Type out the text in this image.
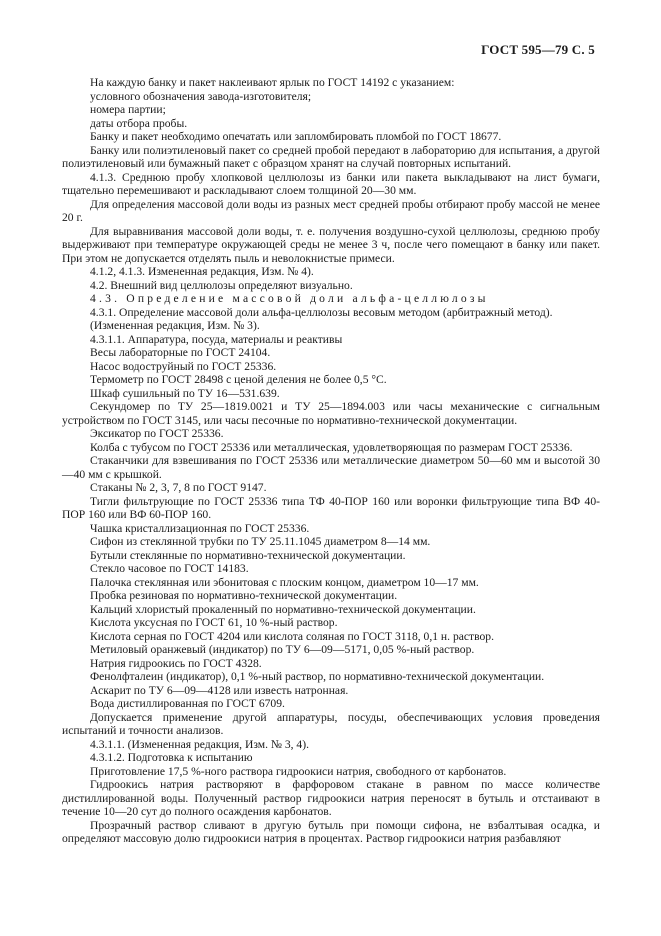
ГОСТ 595—79 С. 5

На каждую банку и пакет наклеивают ярлык по ГОСТ 14192 с указанием:

условного обозначения завода-изготовителя;

номера партии;

даты отбора пробы.

Банку и пакет необходимо опечатать или запломбировать пломбой по ГОСТ 18677.

Банку или полиэтиленовый пакет со средней пробой передают в лабораторию для испытания, а другой полиэтиленовый или бумажный пакет с образцом хранят на случай повторных испытаний.

4.1.3. Среднюю пробу хлопковой целлюлозы из банки или пакета выкладывают на лист бумаги, тщательно перемешивают и раскладывают слоем толщиной 20—30 мм.

Для определения массовой доли воды из разных мест средней пробы отбирают пробу массой не менее 20 г.

Для выравнивания массовой доли воды, т. е. получения воздушно-сухой целлюлозы, среднюю пробу выдерживают при температуре окружающей среды не менее 3 ч, после чего помещают в банку или пакет. При этом не допускается отделять пыль и неволокнистые примеси.

4.1.2, 4.1.3. Измененная редакция, Изм. № 4).

4.2. Внешний вид целлюлозы определяют визуально.

4.3. Определение массовой доли альфа-целлюлозы

4.3.1. Определение массовой доли альфа-целлюлозы весовым методом (арбитражный метод).

(Измененная редакция, Изм. № 3).

4.3.1.1. Аппаратура, посуда, материалы и реактивы

Весы лабораторные по ГОСТ 24104.

Насос водоструйный по ГОСТ 25336.

Термометр по ГОСТ 28498 с ценой деления не более 0,5 °С.

Шкаф сушильный по ТУ 16—531.639.

Секундомер по ТУ 25—1819.0021 и ТУ 25—1894.003 или часы механические с сигнальным устройством по ГОСТ 3145, или часы песочные по нормативно-технической документации.

Эксикатор по ГОСТ 25336.

Колба с тубусом по ГОСТ 25336 или металлическая, удовлетворяющая по размерам ГОСТ 25336.

Стаканчики для взвешивания по ГОСТ 25336 или металлические диаметром 50—60 мм и высотой 30—40 мм с крышкой.

Стаканы № 2, 3, 7, 8 по ГОСТ 9147.

Тигли фильтрующие по ГОСТ 25336 типа ТФ 40-ПОР 160 или воронки фильтрующие типа ВФ 40-ПОР 160 или ВФ 60-ПОР 160.

Чашка кристаллизационная по ГОСТ 25336.

Сифон из стеклянной трубки по ТУ 25.11.1045 диаметром 8—14 мм.

Бутыли стеклянные по нормативно-технической документации.

Стекло часовое по ГОСТ 14183.

Палочка стеклянная или эбонитовая с плоским концом, диаметром 10—17 мм.

Пробка резиновая по нормативно-технической документации.

Кальций хлористый прокаленный по нормативно-технической документации.

Кислота уксусная по ГОСТ 61, 10 %-ный раствор.

Кислота серная по ГОСТ 4204 или кислота соляная по ГОСТ 3118, 0,1 н. раствор.

Метиловый оранжевый (индикатор) по ТУ 6—09—5171, 0,05 %-ный раствор.

Натрия гидроокись по ГОСТ 4328.

Фенолфталеин (индикатор), 0,1 %-ный раствор, по нормативно-технической документации.

Аскарит по ТУ 6—09—4128 или известь натронная.

Вода дистиллированная по ГОСТ 6709.

Допускается применение другой аппаратуры, посуды, обеспечивающих условия проведения испытаний и точности анализов.

4.3.1.1. (Измененная редакция, Изм. № 3, 4).

4.3.1.2. Подготовка к испытанию

Приготовление 17,5 %-ного раствора гидроокиси натрия, свободного от карбонатов.

Гидроокись натрия растворяют в фарфоровом стакане в равном по массе количестве дистиллированной воды. Полученный раствор гидроокиси натрия переносят в бутыль и отстаивают в течение 10—20 сут до полного осаждения карбонатов.

Прозрачный раствор сливают в другую бутыль при помощи сифона, не взбалтывая осадка, и определяют массовую долю гидроокиси натрия в процентах. Раствор гидроокиси натрия разбавляют
